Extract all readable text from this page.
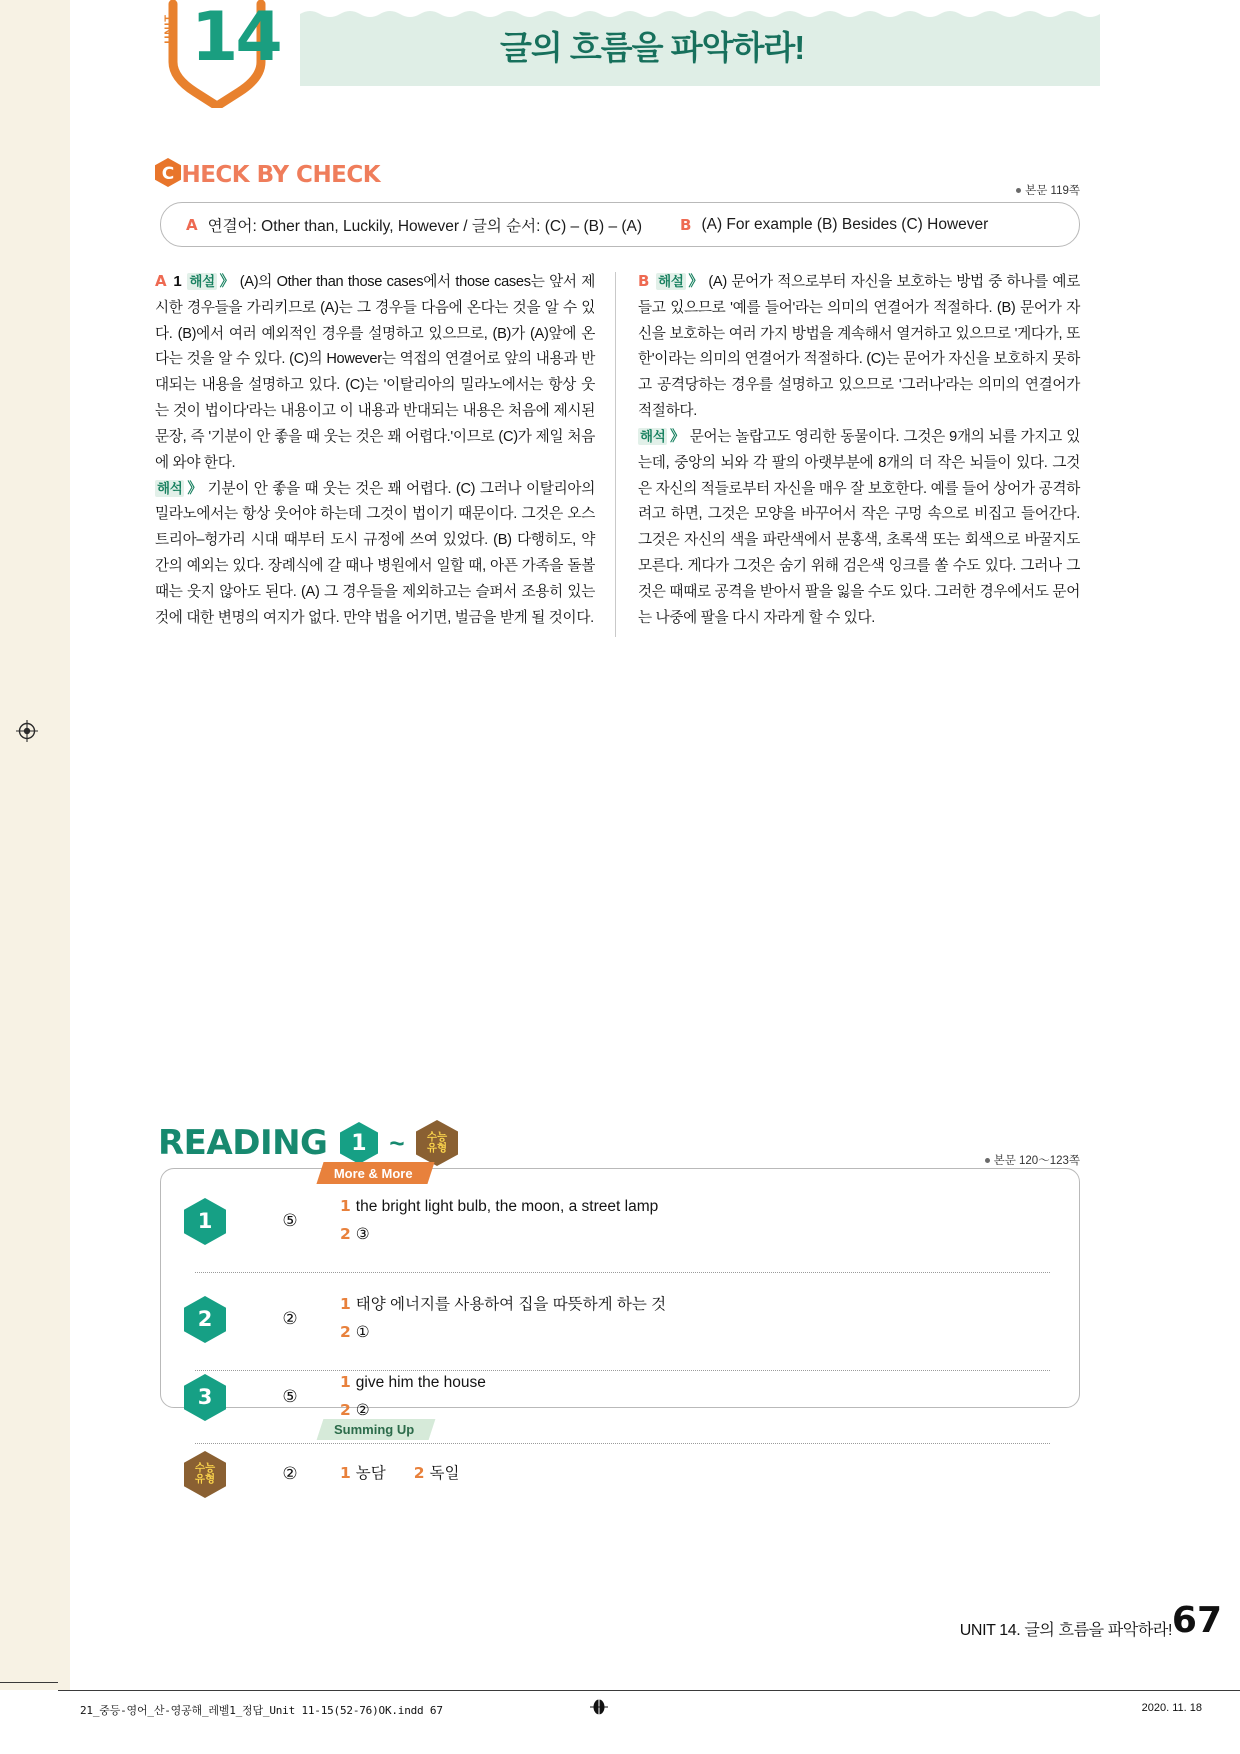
UNIT 14	글의 흐름을 파악하라!
C HECK BY CHECK
본문 119쪽
A 연결어: Other than, Luckily, However / 글의 순서: (C) – (B) – (A)	B (A) For example (B) Besides (C) However

A 1 해설 》 (A)의 Other than those cases에서 those cases는 앞서 제시한 경우들을 가리키므로 (A)는 그 경우들 다음에 온다는 것을 알 수 있다. (B)에서 여러 예외적인 경우를 설명하고 있으므로, (B)가 (A)앞에 온다는 것을 알 수 있다. (C)의 However는 역접의 연결어로 앞의 내용과 반대되는 내용을 설명하고 있다. (C)는 '이탈리아의 밀라노에서는 항상 웃는 것이 법이다'라는 내용이고 이 내용과 반대되는 내용은 처음에 제시된 문장, 즉 '기분이 안 좋을 때 웃는 것은 꽤 어렵다.'이므로 (C)가 제일 처음에 와야 한다.

해석 》 기분이 안 좋을 때 웃는 것은 꽤 어렵다. (C) 그러나 이탈리아의 밀라노에서는 항상 웃어야 하는데 그것이 법이기 때문이다. 그것은 오스트리아–헝가리 시대 때부터 도시 규정에 쓰여 있었다. (B) 다행히도, 약간의 예외는 있다. 장례식에 갈 때나 병원에서 일할 때, 아픈 가족을 돌볼 때는 웃지 않아도 된다. (A) 그 경우들을 제외하고는 슬퍼서 조용히 있는 것에 대한 변명의 여지가 없다. 만약 법을 어기면, 벌금을 받게 될 것이다.

B 해설 》 (A) 문어가 적으로부터 자신을 보호하는 방법 중 하나를 예로 들고 있으므로 '예를 들어'라는 의미의 연결어가 적절하다. (B) 문어가 자신을 보호하는 여러 가지 방법을 계속해서 열거하고 있으므로 '게다가, 또한'이라는 의미의 연결어가 적절하다. (C)는 문어가 자신을 보호하지 못하고 공격당하는 경우를 설명하고 있으므로 '그러나'라는 의미의 연결어가 적절하다.

해석 》 문어는 놀랍고도 영리한 동물이다. 그것은 9개의 뇌를 가지고 있는데, 중앙의 뇌와 각 팔의 아랫부분에 8개의 더 작은 뇌들이 있다. 그것은 자신의 적들로부터 자신을 매우 잘 보호한다. 예를 들어 상어가 공격하려고 하면, 그것은 모양을 바꾸어서 작은 구멍 속으로 비집고 들어간다. 그것은 자신의 색을 파란색에서 분홍색, 초록색 또는 회색으로 바꿀지도 모른다. 게다가 그것은 숨기 위해 검은색 잉크를 쏠 수도 있다. 그러나 그것은 때때로 공격을 받아서 팔을 잃을 수도 있다. 그러한 경우에서도 문어는 나중에 팔을 다시 자라게 할 수 있다.

READING	1 ~ 수능
유형
본문 120〜123쪽
More & More
1	⑤
1 the bright light bulb, the moon, a street lamp
2 ③
2	②
1 태양 에너지를 사용하여 집을 따뜻하게 하는 것
2 ①
3	⑤
1 give him the house
2 ②
Summing Up
수능
유형	②	1 농담 2 독일
UNIT 14. 글의 흐름을 파악하라! 67
21_중등-영어_산-영공해_레벨1_정답_Unit 11-15(52-76)OK.indd 67	2020. 11. 18
